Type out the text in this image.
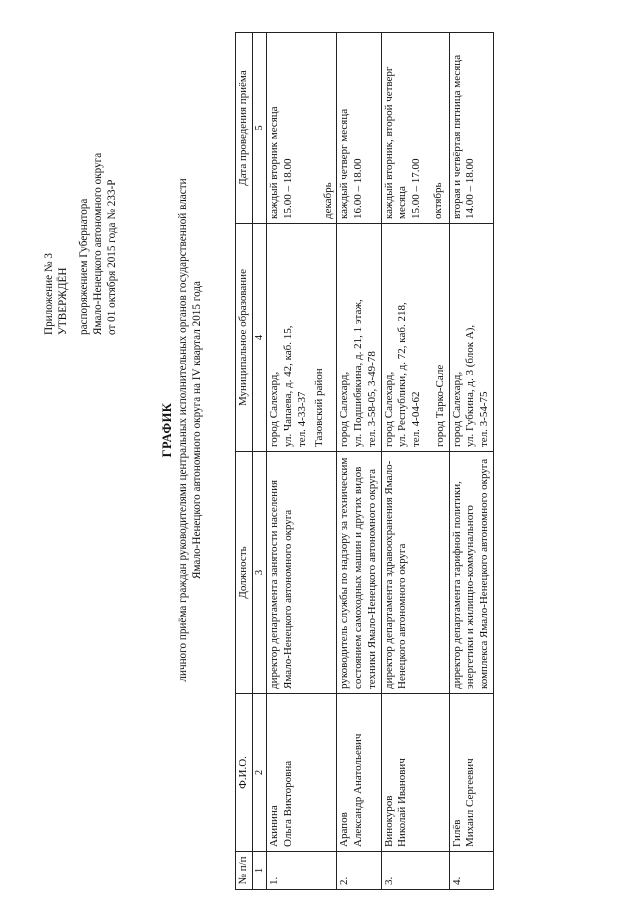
Приложение № 3 УТВЕРЖДЁН распоряжением Губернатора Ямало-Ненецкого автономного округа от 01 октября 2015 года № 233-Р
ГРАФИК личного приёма граждан руководителями центральных исполнительных органов государственной власти Ямало-Ненецкого автономного округа на IV квартал 2015 года
№ п/п	Ф.И.О.	Должность	Муниципальное образование	Дата проведения приёма
1	2	3	4	5
1.	Акинина Ольга Викторовна	директор департамента занятости населения Ямало-Ненецкого автономного округа	город Салехард, ул. Чапаева, д. 42, каб. 15, тел. 4-33-37 Тазовский район	каждый вторник месяца 15.00 – 18.00 декабрь

2.	Арапов Александр Анатольевич	руководитель службы по надзору за техническим состоянием самоходных машин и других видов техники Ямало-Ненецкого автономного округа	город Салехард, ул. Подшибякина, д. 21, 1 этаж, тел. 3-58-05, 3-49-78	каждый четверг месяца 16.00 – 18.00

3.	Винокуров Николай Иванович	директор департамента здравоохранения Ямало-Ненецкого автономного округа	город Салехард, ул. Республики, д. 72, каб. 218, тел. 4-04-62 город Тарко-Сале	каждый вторник, второй четверг месяца 15.00 – 17.00 октябрь

4.	Гилёв Михаил Сергеевич	директор департамента тарифной политики, энергетики и жилищно-коммунального комплекса Ямало-Ненецкого автономного округа	город Салехард, ул. Губкина, д. 3 (блок А), тел. 3-54-75	вторая и четвёртая пятница месяца 14.00 – 18.00
